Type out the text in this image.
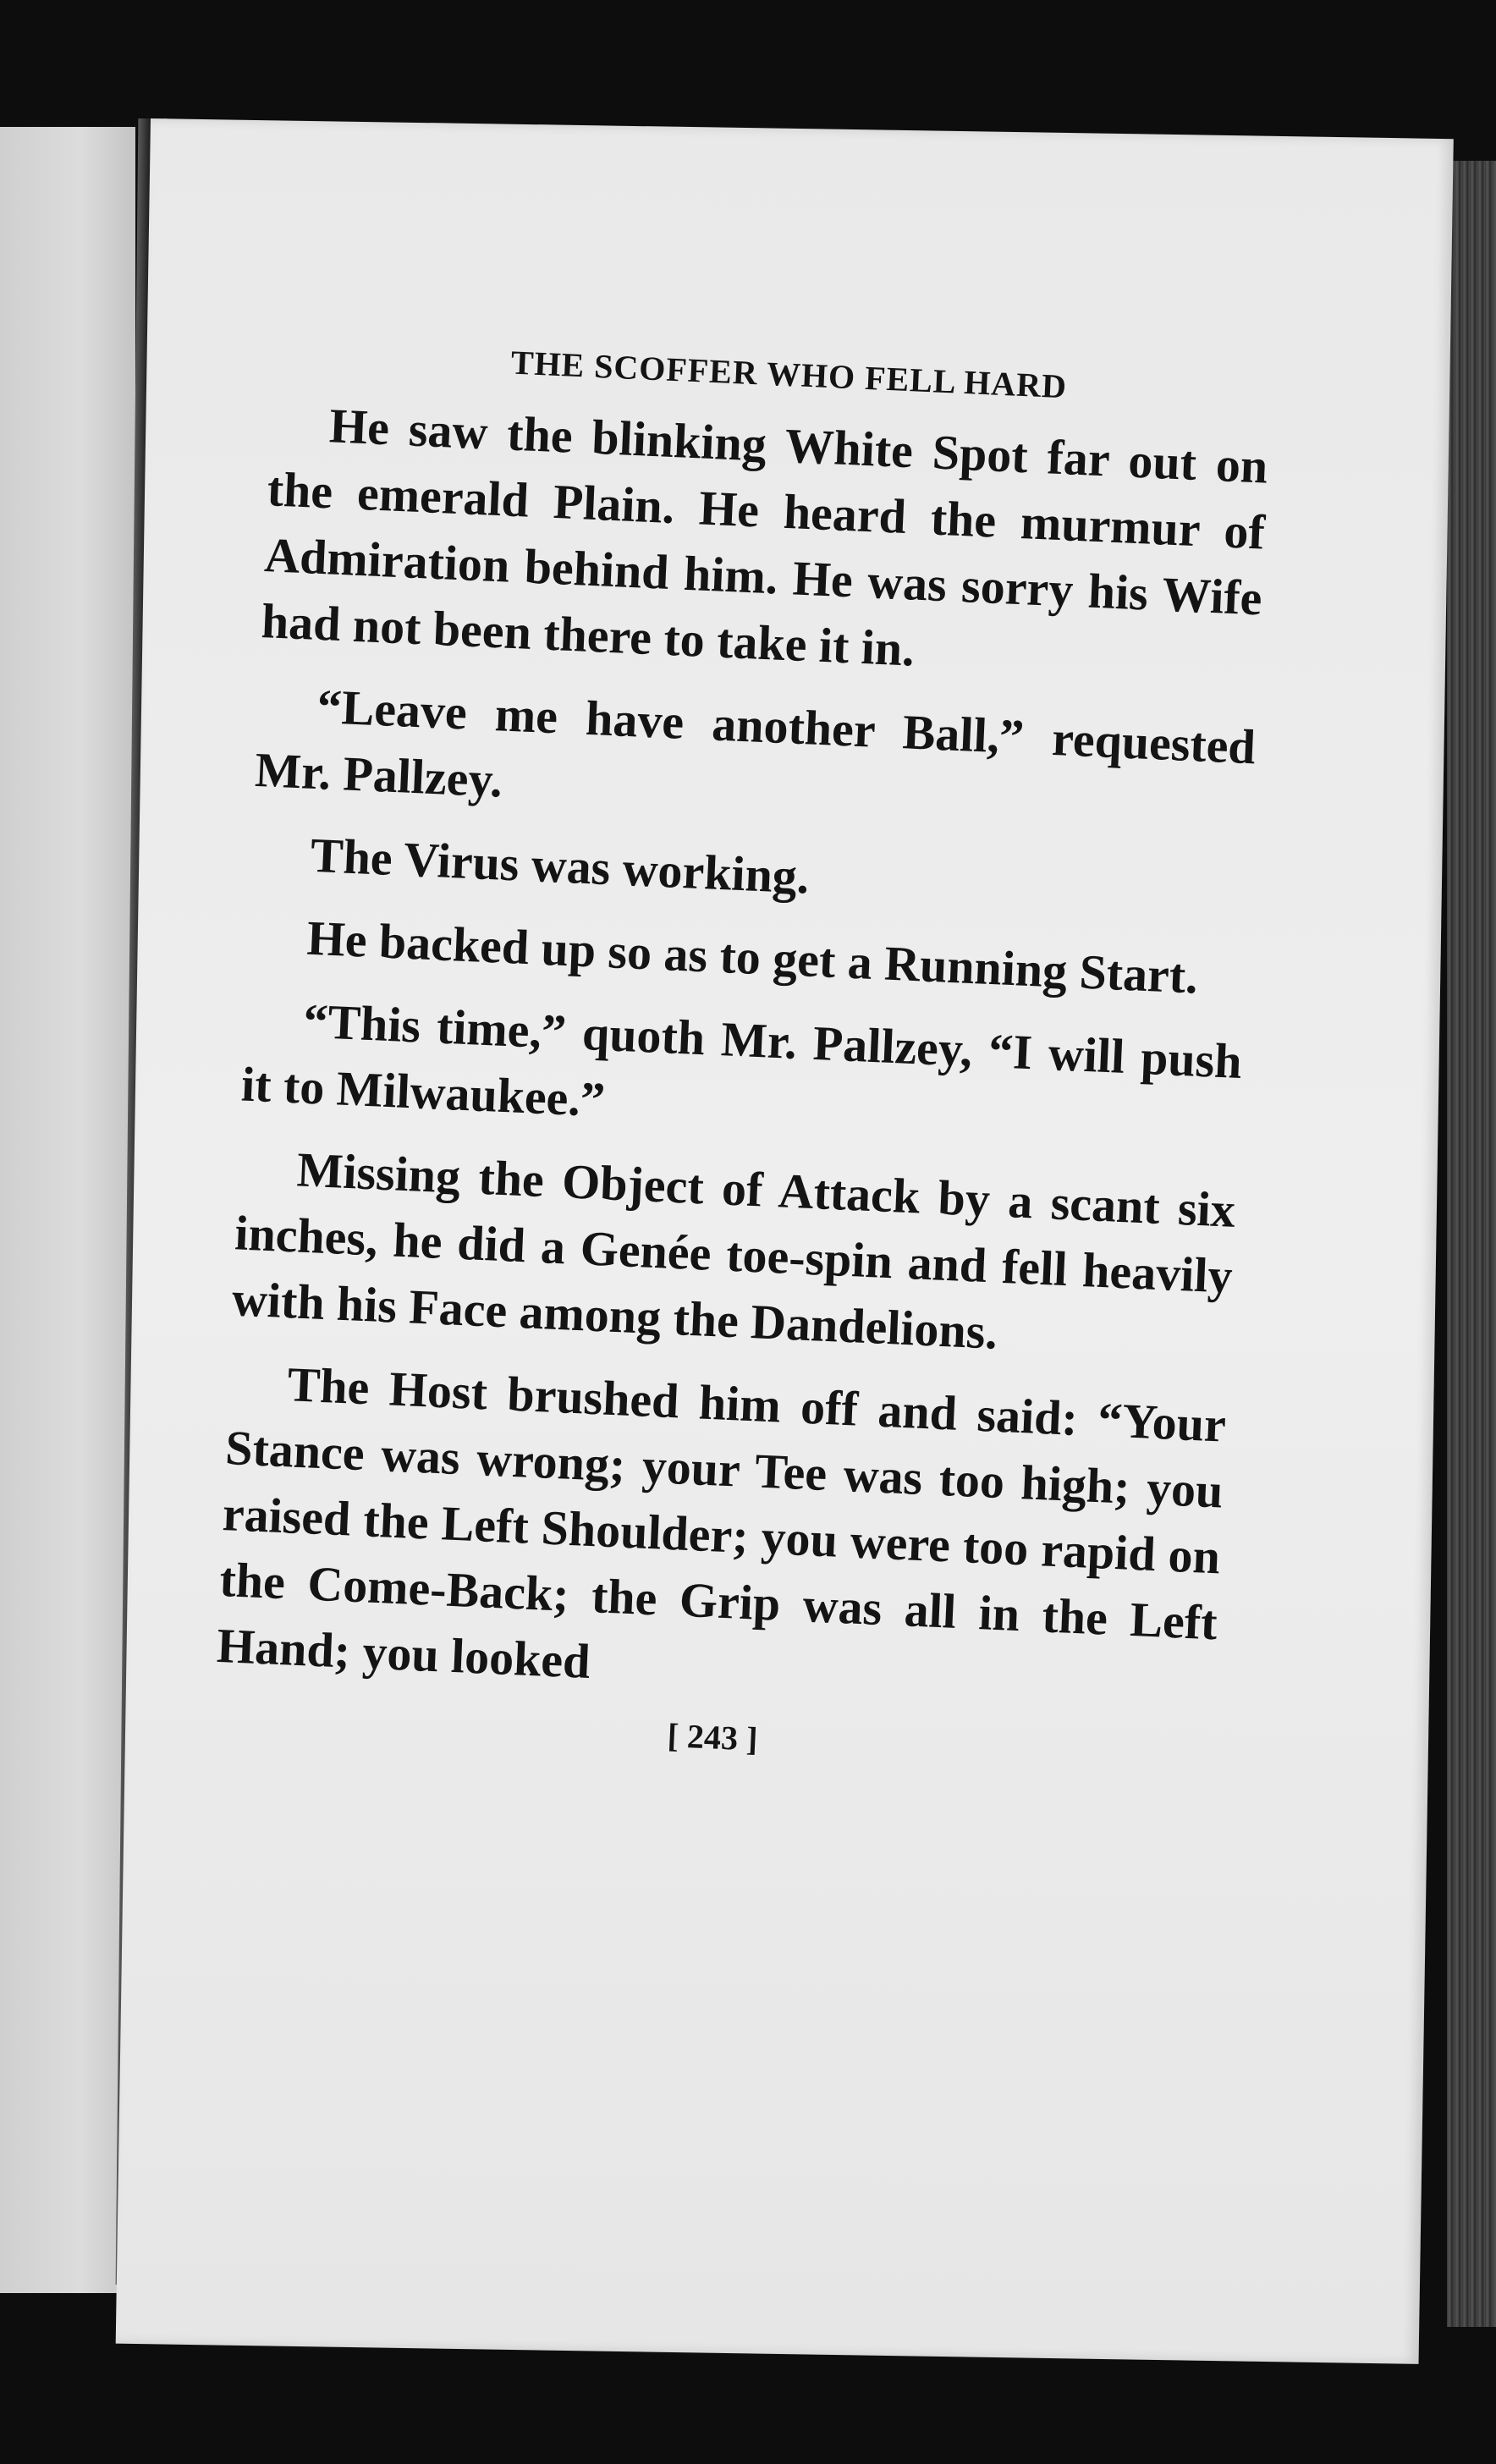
THE SCOFFER WHO FELL HARD

He saw the blinking White Spot far out on the emerald Plain. He heard the murmur of Admiration behind him. He was sorry his Wife had not been there to take it in.

“Leave me have another Ball,” requested Mr. Pallzey.

The Virus was working.

He backed up so as to get a Running Start.

“This time,” quoth Mr. Pallzey, “I will push it to Milwaukee.”

Missing the Object of Attack by a scant six inches, he did a Genée toe-spin and fell heavily with his Face among the Dandelions.

The Host brushed him off and said: “Your Stance was wrong; your Tee was too high; you raised the Left Shoulder; you were too rapid on the Come-Back; the Grip was all in the Left Hand; you looked

[ 243 ]
